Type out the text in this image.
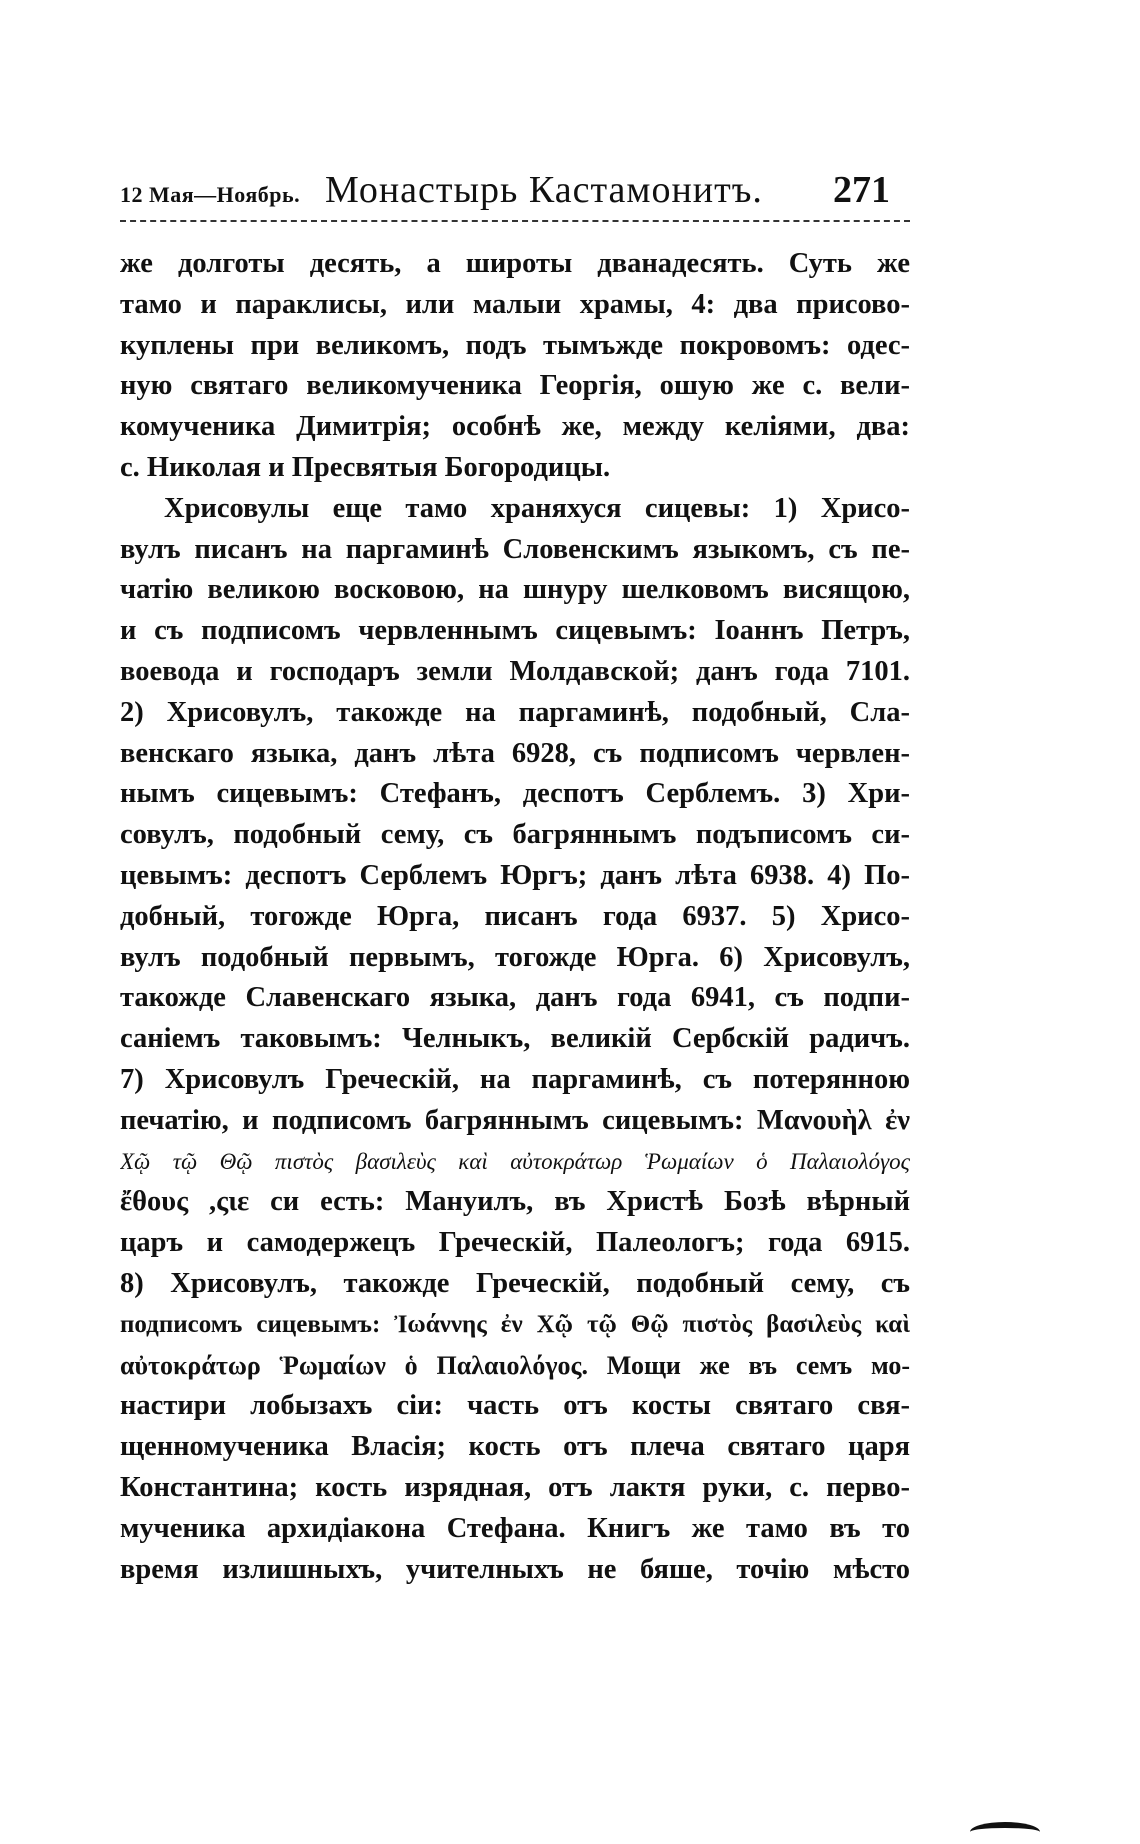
12 Мая—Ноябрь. Монастырь Кастамонитъ. 271
же долготы десять, а широты дванадесять. Суть же
тамо и параклисы, или малыи храмы, 4: два присово-
куплены при великомъ, подъ тымъжде покровомъ: одес-
ную святаго великомученика Георгія, ошую же с. вели-
комученика Димитрія; особнѣ же, между келіями, два:
с. Николая и Пресвятыя Богородицы.
Хрисовулы еще тамо храняхуся сицевы: 1) Хрисо-
вулъ писанъ на паргаминѣ Словенскимъ языкомъ, съ пе-
чатію великою восковою, на шнуру шелковомъ висящою,
и съ подписомъ червленнымъ сицевымъ: Іоаннъ Петръ,
воевода и господаръ земли Молдавской; данъ года 7101.
2) Хрисовулъ, такожде на паргаминѣ, подобный, Сла-
венскаго языка, данъ лѣта 6928, съ подписомъ червлен-
нымъ сицевымъ: Стефанъ, деспотъ Серблемъ. 3) Хри-
совулъ, подобный сему, съ багряннымъ подъписомъ си-
цевымъ: деспотъ Серблемъ Юргъ; данъ лѣта 6938. 4) По-
добный, тогожде Юрга, писанъ года 6937. 5) Хрисо-
вулъ подобный первымъ, тогожде Юрга. 6) Хрисовулъ,
такожде Славенскаго языка, данъ года 6941, съ подпи-
саніемъ таковымъ: Челныкъ, великій Сербскій радичъ.
7) Хрисовулъ Греческій, на паргаминѣ, съ потерянною
печатію, и подписомъ багряннымъ сицевымъ: Μανουὴλ ἐν
Χῷ τῷ Θῷ πιστὸς βασιλεὺς καὶ αὐτοκράτωρ Ῥωμαίων ὁ Παλαιολόγος
ἔθους ,ςιε си есть: Мануилъ, въ Христѣ Бозѣ вѣрный
царъ и самодержецъ Греческій, Палеологъ; года 6915.
8) Хрисовулъ, такожде Греческій, подобный сему, съ
подписомъ сицевымъ: Ἰωάννης ἐν Χῷ τῷ Θῷ πιστὸς βασιλεὺς καὶ
αὐτοκράτωρ Ῥωμαίων ὁ Παλαιολόγος. Мощи же въ семъ мо-
настири лобызахъ сіи: часть отъ косты святаго свя-
щенномученика Власія; кость отъ плеча святаго царя
Константина; кость изрядная, отъ лактя руки, с. перво-
мученика архидіакона Стефана. Книгъ же тамо въ то
время излишныхъ, учителныхъ не бяше, точію мѣсто
